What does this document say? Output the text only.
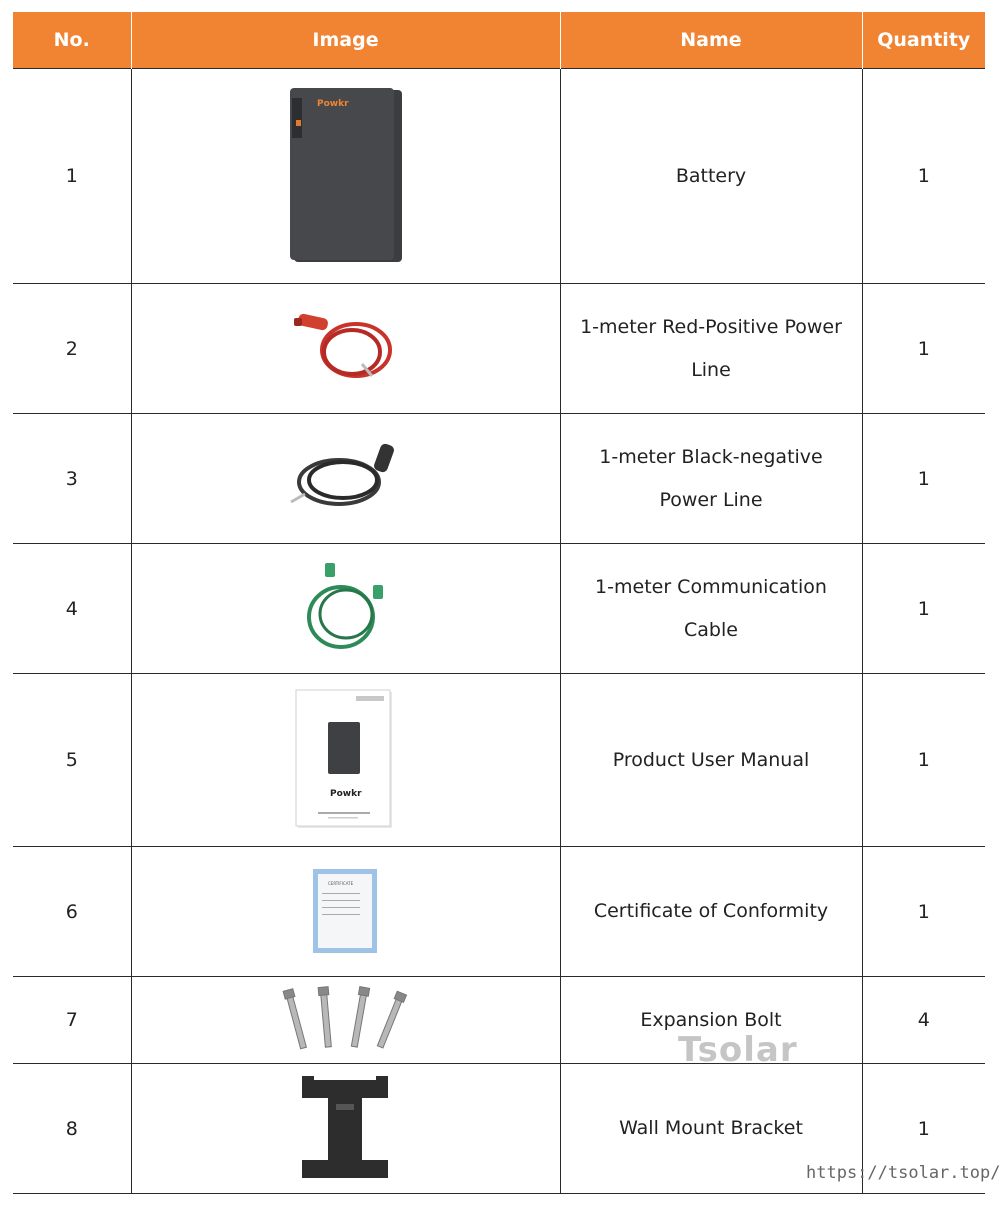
No.	Image	Name	Quantity
1	Powkr	Battery	1
2		1-meter Red-Positive Power Line	1
3		1-meter Black-negative Power Line	1
4		1-meter Communication Cable	1
5	Powkr	Product User Manual	1
6	CERTIFICATE	Certificate of Conformity	1
7		Expansion Bolt	4
8		Wall Mount Bracket	1
Tsolar
https://tsolar.top/
